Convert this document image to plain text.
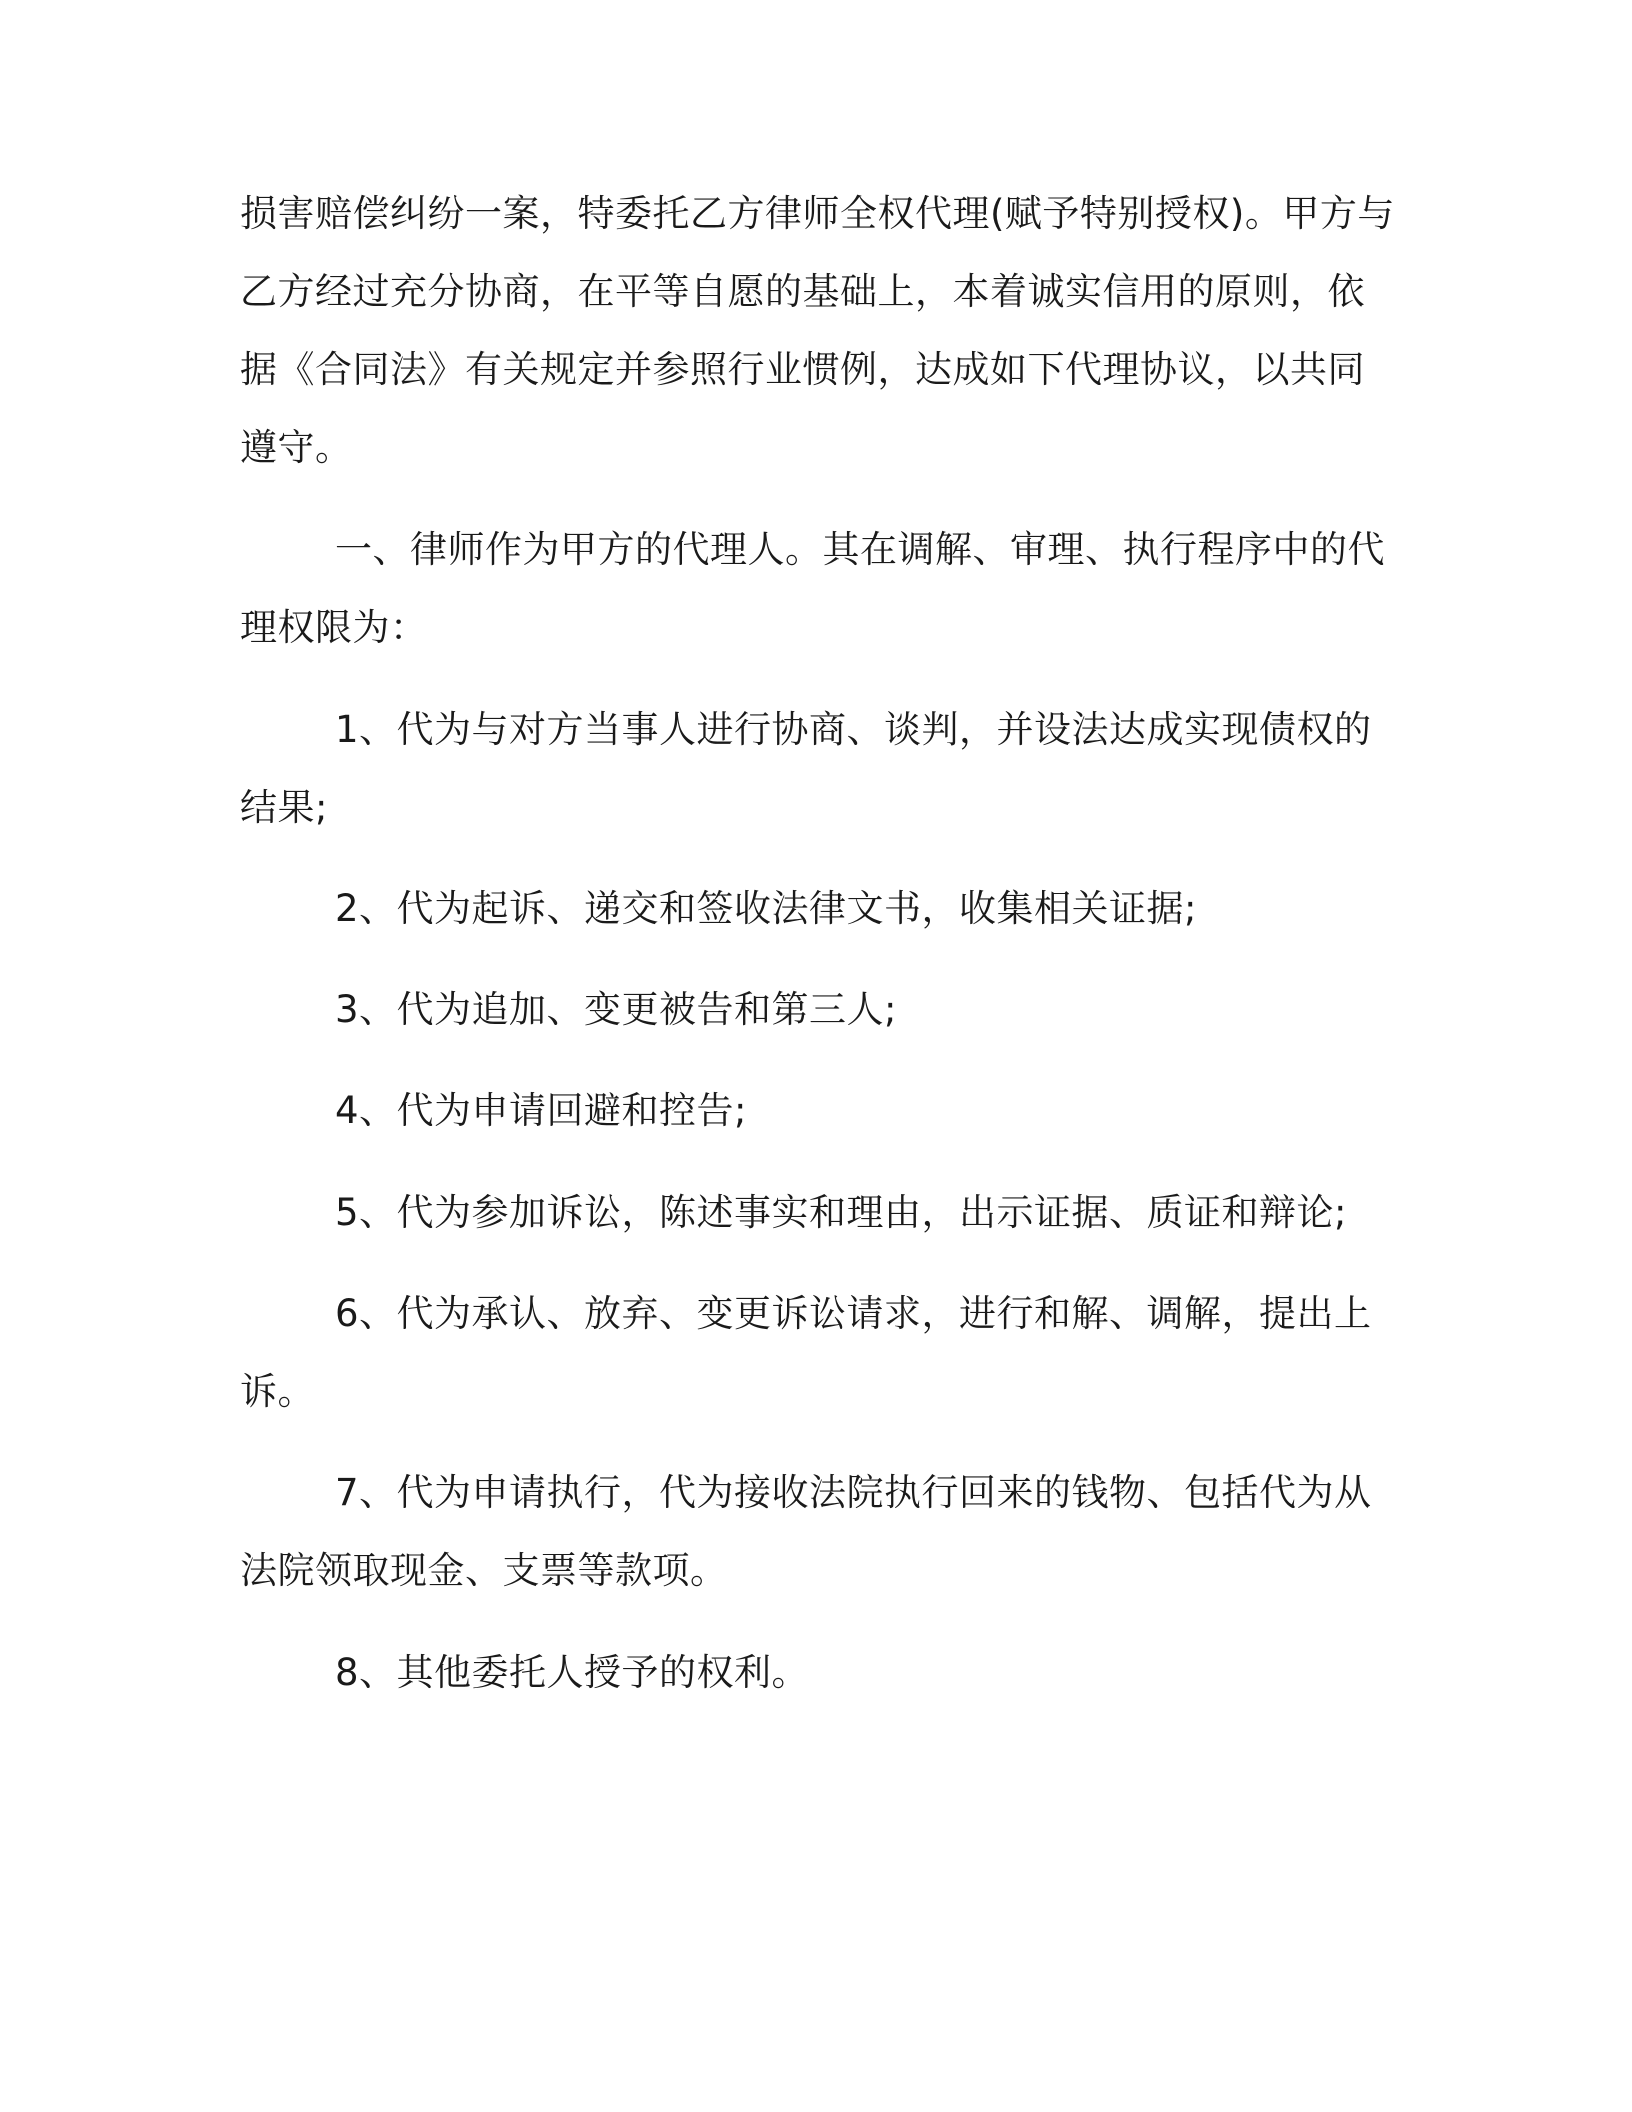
损害赔偿纠纷一案，特委托乙方律师全权代理(赋予特别授权)。甲方与
乙方经过充分协商，在平等自愿的基础上，本着诚实信用的原则，依
据《合同法》有关规定并参照行业惯例，达成如下代理协议，以共同
遵守。
一、律师作为甲方的代理人。其在调解、审理、执行程序中的代
理权限为：
1、代为与对方当事人进行协商、谈判，并设法达成实现债权的
结果;
2、代为起诉、递交和签收法律文书，收集相关证据;
3、代为追加、变更被告和第三人;
4、代为申请回避和控告;
5、代为参加诉讼，陈述事实和理由，出示证据、质证和辩论;
6、代为承认、放弃、变更诉讼请求，进行和解、调解，提出上
诉。
7、代为申请执行，代为接收法院执行回来的钱物、包括代为从
法院领取现金、支票等款项。
8、其他委托人授予的权利。
